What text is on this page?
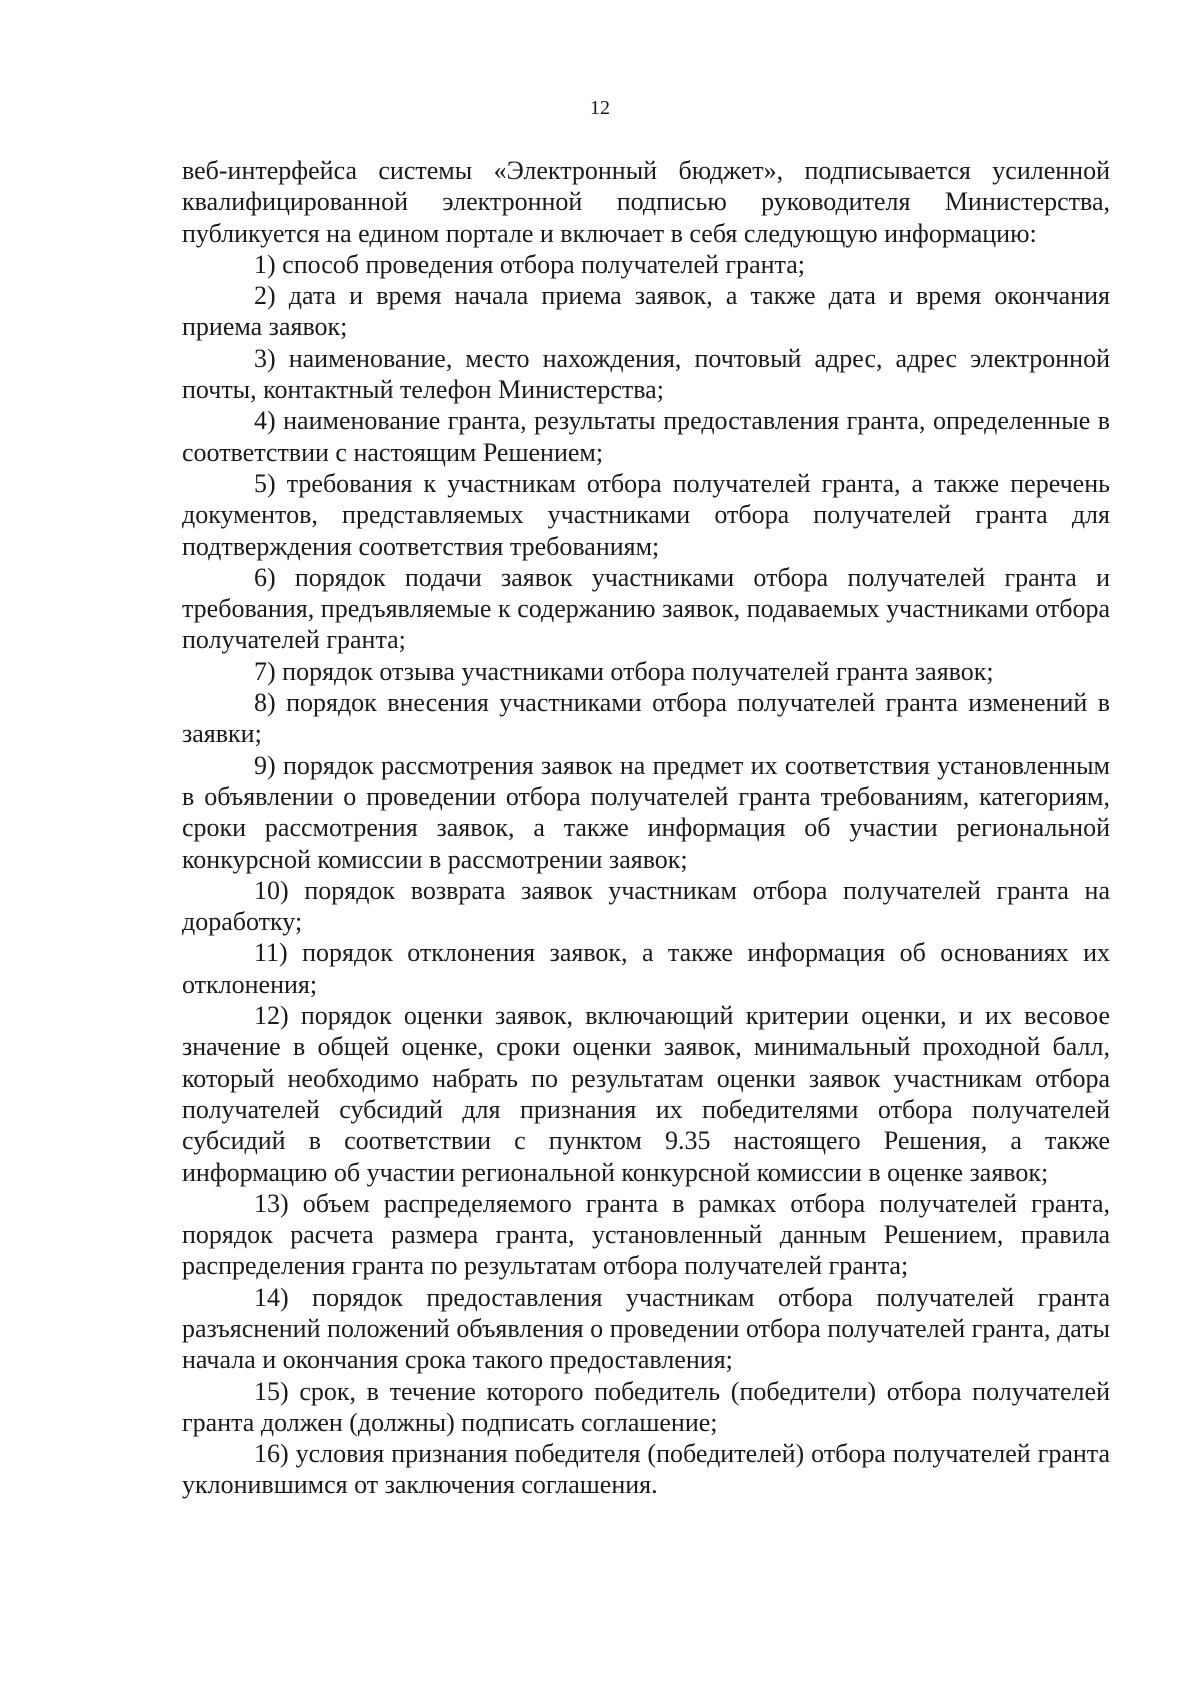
12

веб-интерфейса системы «Электронный бюджет», подписывается усиленной квалифицированной электронной подписью руководителя Министерства, публикуется на едином портале и включает в себя следующую информацию:

1) способ проведения отбора получателей гранта;

2) дата и время начала приема заявок, а также дата и время окончания приема заявок;

3) наименование, место нахождения, почтовый адрес, адрес электронной почты, контактный телефон Министерства;

4) наименование гранта, результаты предоставления гранта, определенные в соответствии с настоящим Решением;

5) требования к участникам отбора получателей гранта, а также перечень документов, представляемых участниками отбора получателей гранта для подтверждения соответствия требованиям;

6) порядок подачи заявок участниками отбора получателей гранта и требования, предъявляемые к содержанию заявок, подаваемых участниками отбора получателей гранта;

7) порядок отзыва участниками отбора получателей гранта заявок;

8) порядок внесения участниками отбора получателей гранта изменений в заявки;

9) порядок рассмотрения заявок на предмет их соответствия установленным в объявлении о проведении отбора получателей гранта требованиям, категориям, сроки рассмотрения заявок, а также информация об участии региональной конкурсной комиссии в рассмотрении заявок;

10) порядок возврата заявок участникам отбора получателей гранта на доработку;

11) порядок отклонения заявок, а также информация об основаниях их отклонения;

12) порядок оценки заявок, включающий критерии оценки, и их весовое значение в общей оценке, сроки оценки заявок, минимальный проходной балл, который необходимо набрать по результатам оценки заявок участникам отбора получателей субсидий для признания их победителями отбора получателей субсидий в соответствии с пунктом 9.35 настоящего Решения, а также информацию об участии региональной конкурсной комиссии в оценке заявок;

13) объем распределяемого гранта в рамках отбора получателей гранта, порядок расчета размера гранта, установленный данным Решением, правила распределения гранта по результатам отбора получателей гранта;

14) порядок предоставления участникам отбора получателей гранта разъяснений положений объявления о проведении отбора получателей гранта, даты начала и окончания срока такого предоставления;

15) срок, в течение которого победитель (победители) отбора получателей гранта должен (должны) подписать соглашение;

16) условия признания победителя (победителей) отбора получателей гранта уклонившимся от заключения соглашения.
